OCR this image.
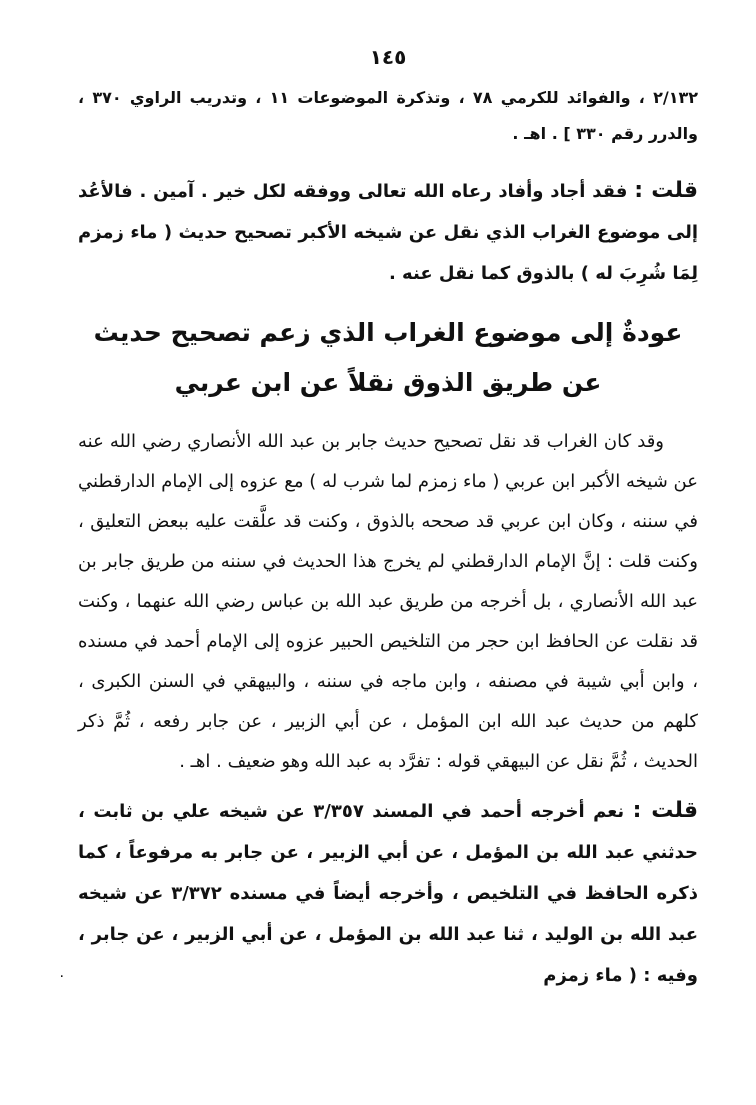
١٤٥

٢/١٣٢ ، والفوائد للكرمي ٧٨ ، وتذكرة الموضوعات ١١ ، وتدريب الراوي ٣٧٠ ، والدرر رقم ٣٣٠ ] . اهـ .

قلت : فقد أجاد وأفاد رعاه الله تعالى ووفقه لكل خير . آمين . فالأعُد إلى موضوع الغراب الذي نقل عن شيخه الأكبر تصحيح حديث ( ماء زمزم لِمَا شُرِبَ له ) بالذوق كما نقل عنه .

عودةٌ إلى موضوع الغراب الذي زعم تصحيح حديث
عن طريق الذوق نقلاً عن ابن عربي

وقد كان الغراب قد نقل تصحيح حديث جابر بن عبد الله الأنصاري رضي الله عنه عن شيخه الأكبر ابن عربي ( ماء زمزم لما شرب له ) مع عزوه إلى الإمام الدارقطني في سننه ، وكان ابن عربي قد صححه بالذوق ، وكنت قد علَّقت عليه ببعض التعليق ، وكنت قلت : إنَّ الإمام الدارقطني لم يخرج هذا الحديث في سننه من طريق جابر بن عبد الله الأنصاري ، بل أخرجه من طريق عبد الله بن عباس رضي الله عنهما ، وكنت قد نقلت عن الحافظ ابن حجر من التلخيص الحبير عزوه إلى الإمام أحمد في مسنده ، وابن أبي شيبة في مصنفه ، وابن ماجه في سننه ، والبيهقي في السنن الكبرى ، كلهم من حديث عبد الله ابن المؤمل ، عن أبي الزبير ، عن جابر رفعه ، ثُمَّ ذكر الحديث ، ثُمَّ نقل عن البيهقي قوله : تفرَّد به عبد الله وهو ضعيف . اهـ .

قلت : نعم أخرجه أحمد في المسند ٣/٣٥٧ عن شيخه علي بن ثابت ، حدثني عبد الله بن المؤمل ، عن أبي الزبير ، عن جابر به مرفوعاً ، كما ذكره الحافظ في التلخيص ، وأخرجه أيضاً في مسنده ٣/٣٧٢ عن شيخه عبد الله بن الوليد ، ثنا عبد الله بن المؤمل ، عن أبي الزبير ، عن جابر ، وفيه : ( ماء زمزم

٠
